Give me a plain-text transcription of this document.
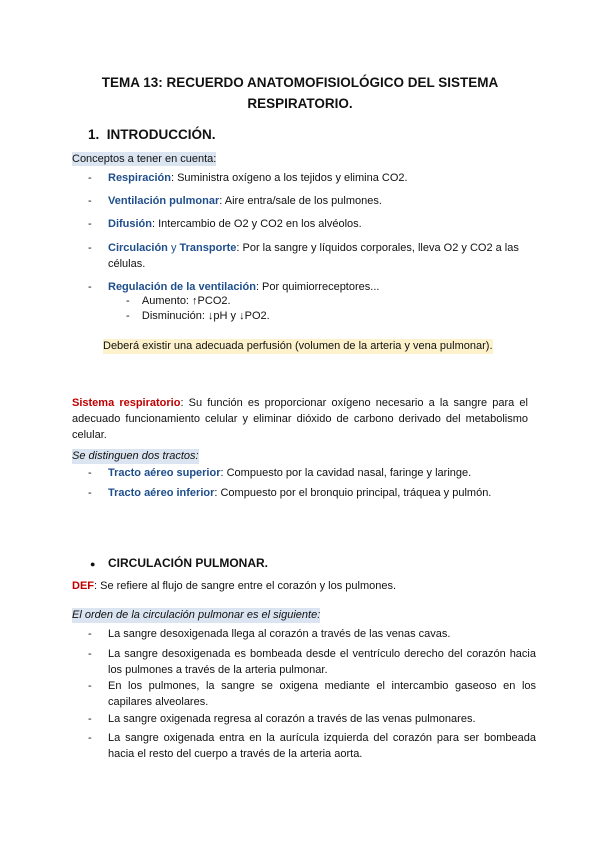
TEMA 13: RECUERDO ANATOMOFISIOLÓGICO DEL SISTEMA
RESPIRATORIO.
1. INTRODUCCIÓN.
Conceptos a tener en cuenta:
- Respiración: Suministra oxígeno a los tejidos y elimina CO2.
- Ventilación pulmonar: Aire entra/sale de los pulmones.
- Difusión: Intercambio de O2 y CO2 en los alvéolos.
- Circulación y Transporte: Por la sangre y líquidos corporales, lleva O2 y CO2 a las células.
- Regulación de la ventilación: Por quimiorreceptores...
- Aumento: ↑PCO2.
- Disminución: ↓pH y ↓PO2.
Deberá existir una adecuada perfusión (volumen de la arteria y vena pulmonar).
Sistema respiratorio: Su función es proporcionar oxígeno necesario a la sangre para el adecuado funcionamiento celular y eliminar dióxido de carbono derivado del metabolismo celular.
Se distinguen dos tractos:
- Tracto aéreo superior: Compuesto por la cavidad nasal, faringe y laringe.
- Tracto aéreo inferior: Compuesto por el bronquio principal, tráquea y pulmón.
● CIRCULACIÓN PULMONAR.
DEF: Se refiere al flujo de sangre entre el corazón y los pulmones.
El orden de la circulación pulmonar es el siguiente:
- La sangre desoxigenada llega al corazón a través de las venas cavas.
- La sangre desoxigenada es bombeada desde el ventrículo derecho del corazón hacia los pulmones a través de la arteria pulmonar.
- En los pulmones, la sangre se oxigena mediante el intercambio gaseoso en los capilares alveolares.
- La sangre oxigenada regresa al corazón a través de las venas pulmonares.
- La sangre oxigenada entra en la aurícula izquierda del corazón para ser bombeada hacia el resto del cuerpo a través de la arteria aorta.
